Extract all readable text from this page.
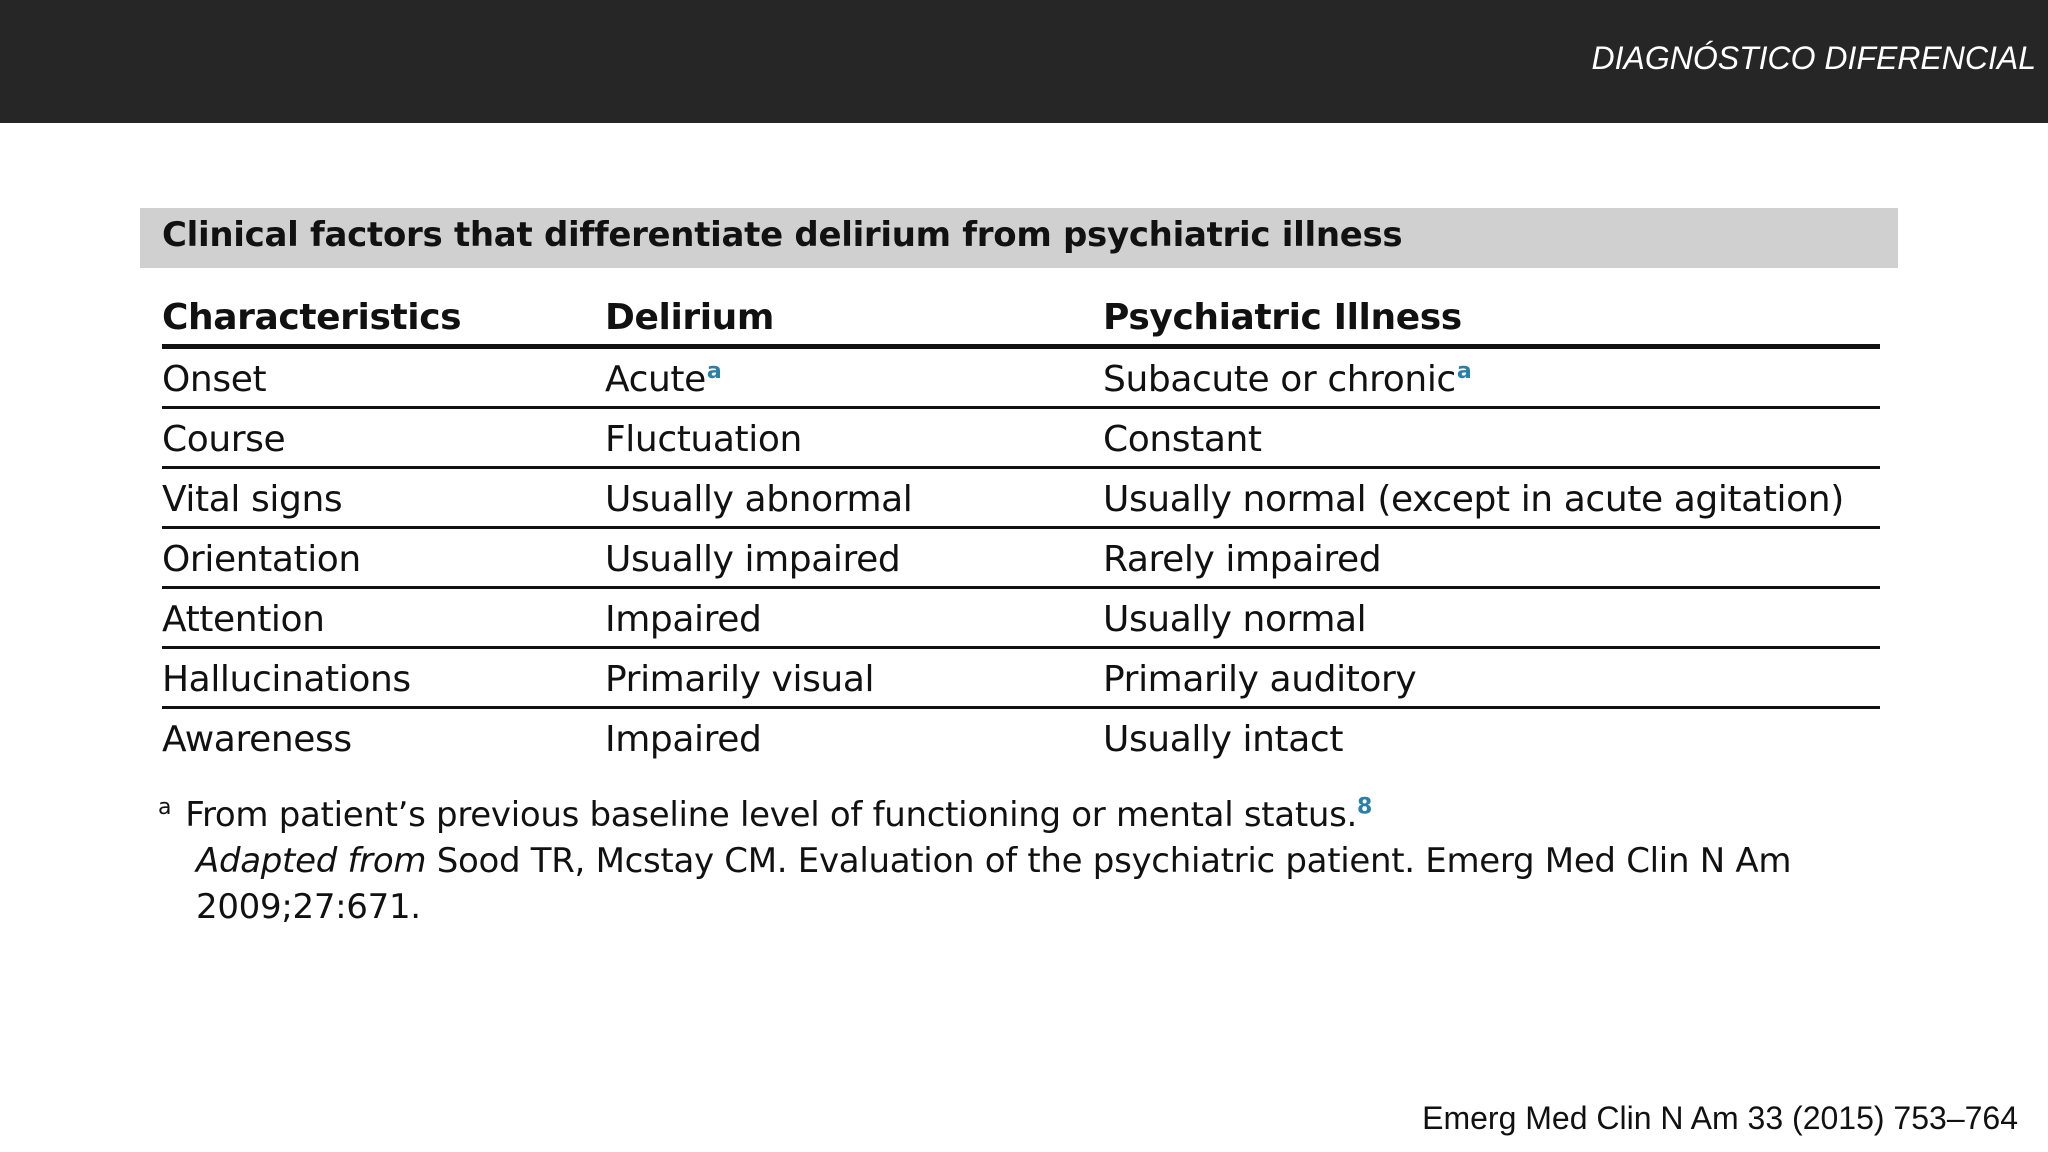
DIAGNÓSTICO DIFERENCIAL
Clinical factors that differentiate delirium from psychiatric illness
Characteristics	Delirium	Psychiatric Illness
Onset	Acute$^a$	Subacute or chronic$^a$
Course	Fluctuation	Constant
Vital signs	Usually abnormal	Usually normal (except in acute agitation)
Orientation	Usually impaired	Rarely impaired
Attention	Impaired	Usually normal
Hallucinations	Primarily visual	Primarily auditory
Awareness	Impaired	Usually intact
$^a$ From patient’s previous baseline level of functioning or mental status.$^8$
Adapted from Sood TR, Mcstay CM. Evaluation of the psychiatric patient. Emerg Med Clin N Am 2009;27:671.
Emerg Med Clin N Am 33 (2015) 753–764
